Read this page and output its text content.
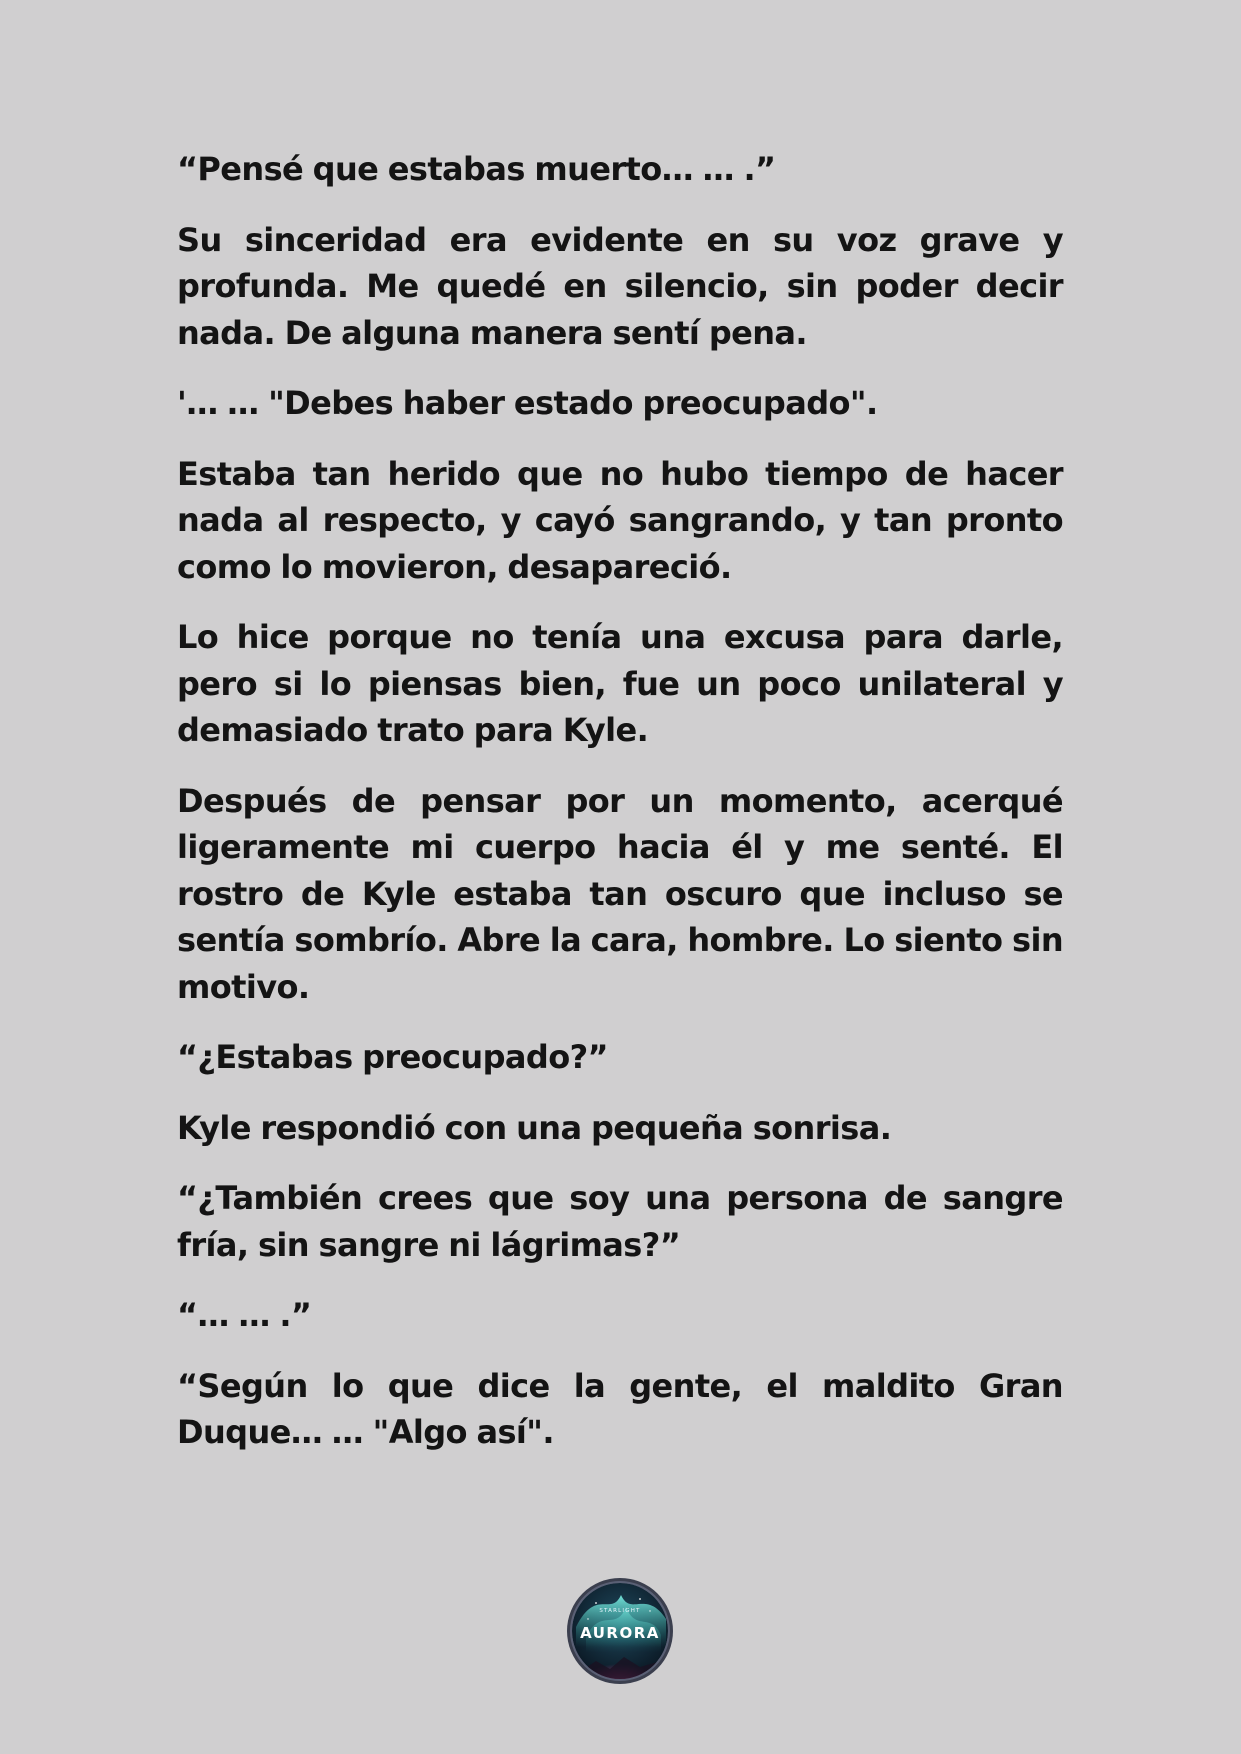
“Pensé que estabas muerto… … .”

Su sinceridad era evidente en su voz grave y profunda. Me quedé en silencio, sin poder decir nada. De alguna manera sentí pena.

'… … "Debes haber estado preocupado".

Estaba tan herido que no hubo tiempo de hacer nada al respecto, y cayó sangrando, y tan pronto como lo movieron, desapareció.

Lo hice porque no tenía una excusa para darle, pero si lo piensas bien, fue un poco unilateral y demasiado trato para Kyle.

Después de pensar por un momento, acerqué ligeramente mi cuerpo hacia él y me senté. El rostro de Kyle estaba tan oscuro que incluso se sentía sombrío. Abre la cara, hombre. Lo siento sin motivo.

“¿Estabas preocupado?”

Kyle respondió con una pequeña sonrisa.

“¿También crees que soy una persona de sangre fría, sin sangre ni lágrimas?”

“… … .”

“Según lo que dice la gente, el maldito Gran Duque… … "Algo así".

STARLIGHT
AURORA
